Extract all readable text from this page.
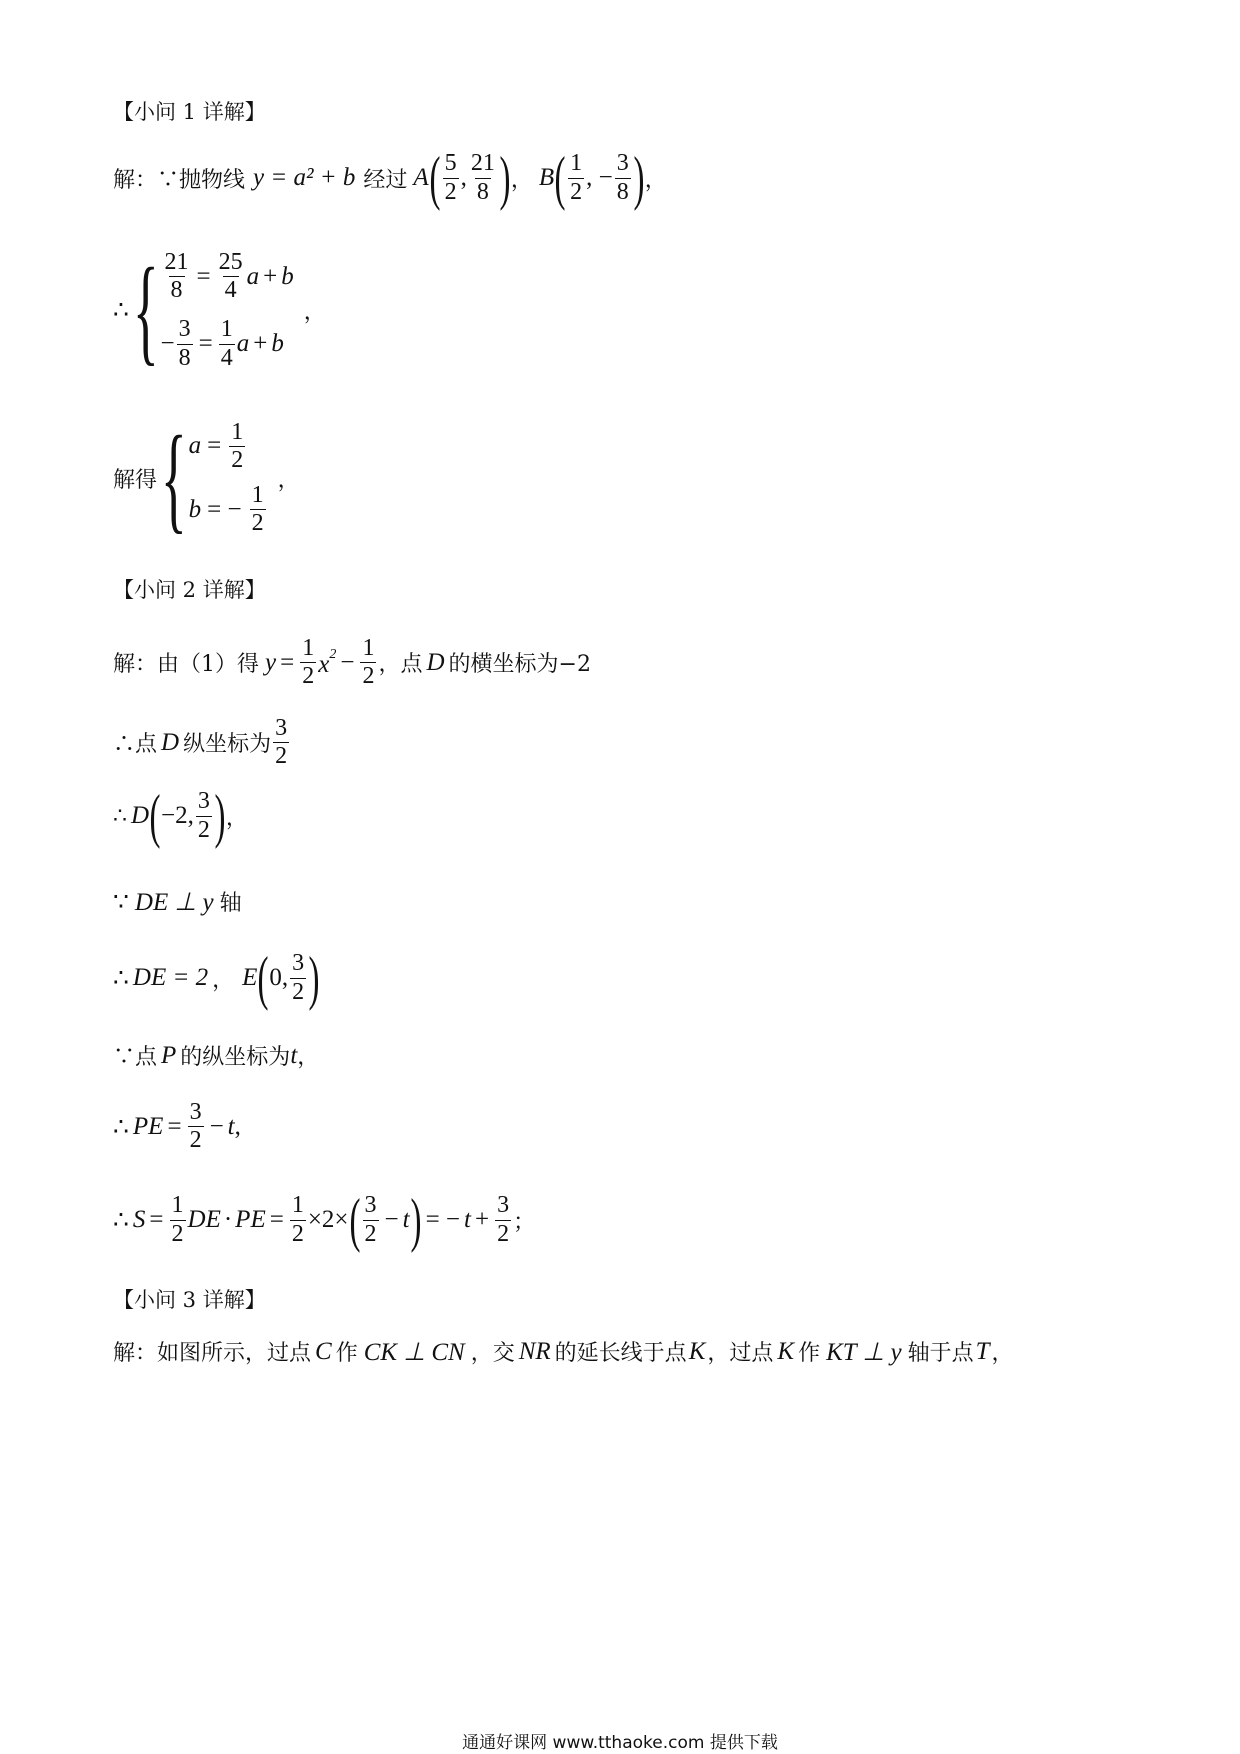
【小问 1 详解】
解：∵抛物线 y = a² + b 经过 A ( $\frac{5}{2}$ , $\frac{21}{8}$ ) ， B ( $\frac{1}{2}$ , − $\frac{3}{8}$ ) ，
∴ { $\frac{21}{8} = \frac{25}{4}$ a + b
− $\frac{3}{8} = \frac{1}{4}$ a + b
，
解得 { $a = \frac{1}{2}$
b = − $\frac{1}{2}$
，
【小问 2 详解】
解：由（1）得 $y = \frac{1}{2} x^2 - \frac{1}{2}$ ，点 D 的横坐标为−2
∴点 D 纵坐标为 $\frac{3}{2}$
∴ D ( −2, $\frac{3}{2}$ ) ，
∵ DE ⊥ y 轴
∴ DE = 2 ， E ( 0, $\frac{3}{2}$ )
∵点 P 的纵坐标为 t ，
∴ PE = $\frac{3}{2} - t$ ,
∴ $S = \frac{1}{2}$ DE · PE = $\frac{1}{2} \times 2\times$ ( $\frac{3}{2} - t$ ) = − $t + \frac{3}{2}$ ；
【小问 3 详解】
解：如图所示，过点 C 作 CK ⊥ CN ，交 NR 的延长线于点 K ，过点 K 作 KT ⊥ y 轴于点 T ，
通通好课网 www.tthaoke.com 提供下载
